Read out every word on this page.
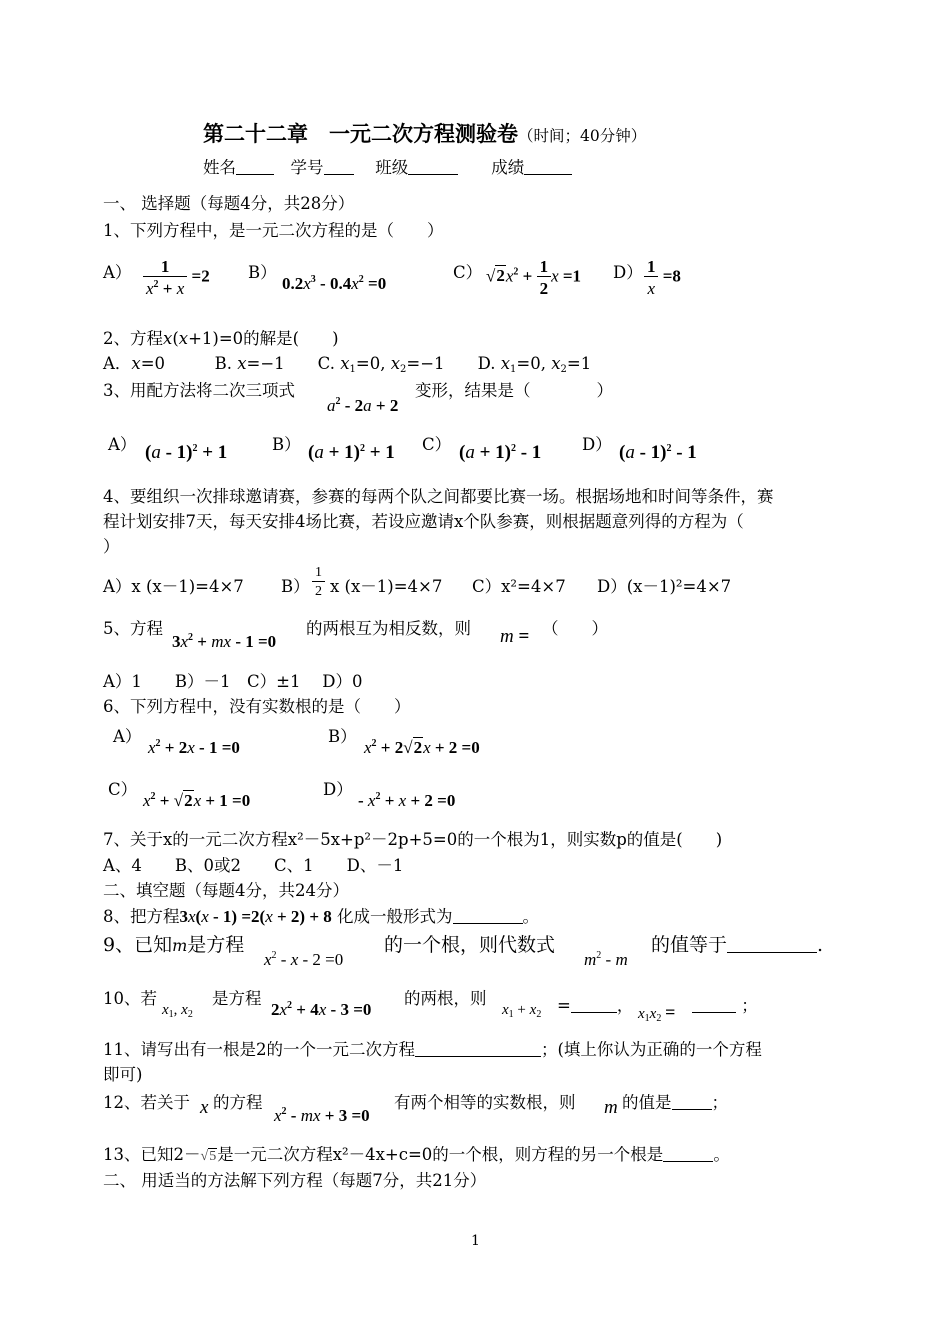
第二十二章　一元二次方程测验卷（时间；40分钟）
姓名　	学号　	班级　　	成绩
一、 选择题（每题4分，共28分）
1、下列方程中，是一元二次方程的是（　　）
$A) \frac{1}{x^2 + x} =2$ B）
$0.2x^3 - 0.4x^2 =0$
C） $√2x^2 + \frac{1}{2}$ x =1 $D) \frac{1}{x} =8$
2、方程x(x+1)=0的解是(　　)
A．x=0　　　B. x=−1　　C. $x_1=0$, $x_2=-1$　　D. $x_1=0$, $x_2=1$
3、用配方法将二次三项式
$a^2 - 2a + 2$
变形，结果是（　　　　）
A） (a - 1)$^2$ + 1	B） $(a + 1)^2 + 1$ C） $(a + 1)^2 - 1$ D） (a - 1)$^2$ - 1
4、要组织一次排球邀请赛，参赛的每两个队之间都要比赛一场。根据场地和时间等条件，赛
程计划安排7天，每天安排4场比赛，若设应邀请x个队参赛，则根据题意列得的方程为（
）
A）x (x－1)=4×7 $B) \frac{1}{2}$ x (x－1)=4×7 C）x²=4×7 D）(x－1)²=4×7
5、方程
$3x^2$ + mx - 1 =0
的两根互为相反数，则 m = （　　）
A）1　　 B）－1　 C）±1　 D）0
6、下列方程中，没有实数根的是（　　）
A）
$x^2 + 2x - 1 =0$
B）
$x^2 + 2√2x + 2 =0$
C）
$x^2 + √2x + 1 =0$
D）
- $x^2 + x + 2 =0$
7、关于x的一元二次方程x²－5x+p²－2p+5=0的一个根为1，则实数p的值是(　　)
A、4　　B、0或2　　C、1　　D、－1
二、填空题（每题4分，共24分）
8、把方程3x(x - 1) =2(x + 2) + 8 化成一般形式为	。
9、已知m是方程
$x^2 - x - 2 =0$
的一个根，则代数式
$m^2$ - m
的值等于	.
10、若
$x_1$, $x_2$
是方程
$2x^2 + 4x - 3 =0$
的两根，则
$x_1 + x_2$ =	， $x_1x_2$ =	；
11、请写出有一根是2的一个一元二次方程	；(填上你认为正确的一个方程
即可)
12、若关于 x 的方程
$x^2$ - mx + 3 =0
有两个相等的实数根，则 m 的值是 ；
13、已知2－√5是一元二次方程x²－4x+c=0的一个根，则方程的另一个根是	。
二、 用适当的方法解下列方程（每题7分，共21分）
1
